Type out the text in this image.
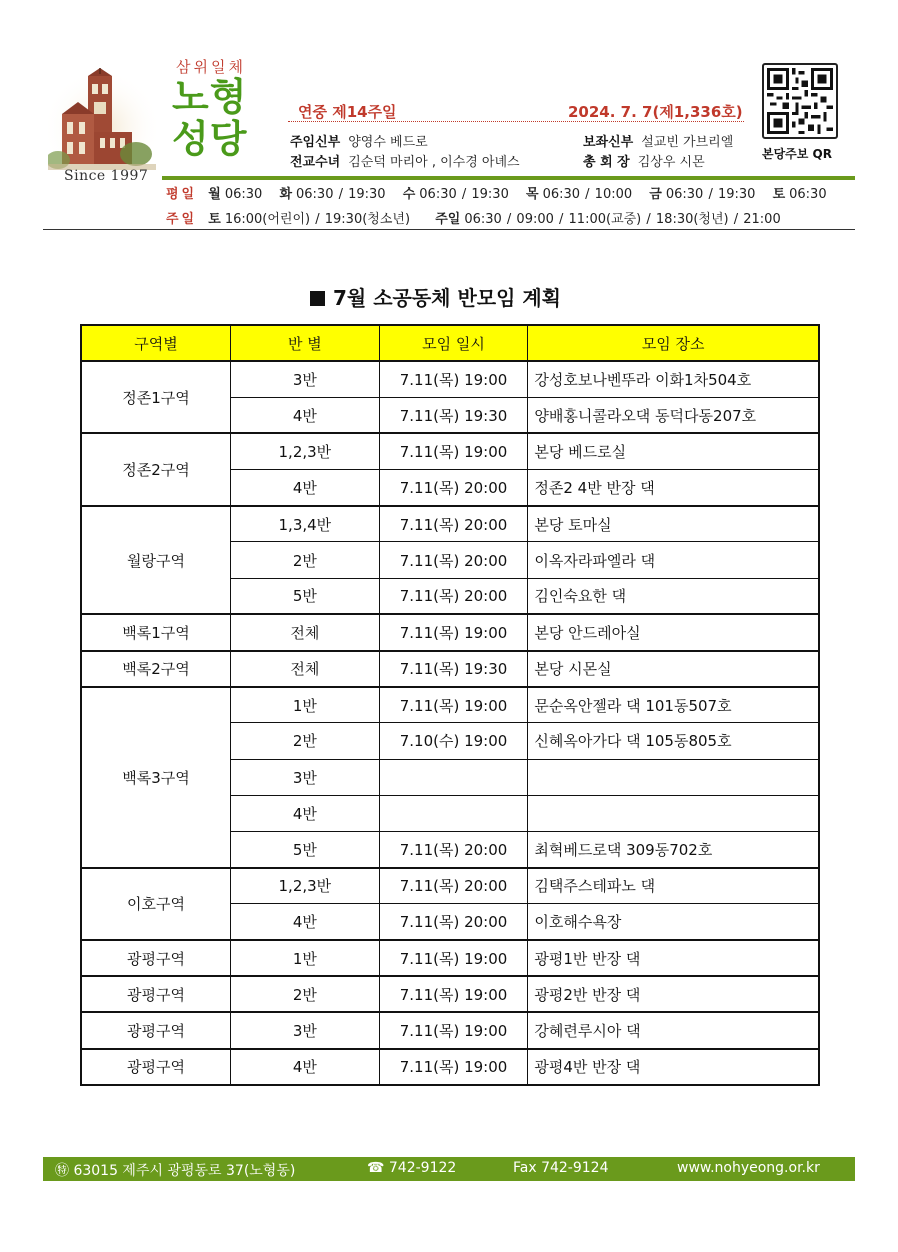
Since 1997
삼위일체
노형성당
연중 제14주일	2024. 7. 7(제1,336호)
주임신부 양영수 베드로	보좌신부 설교빈 가브리엘
전교수녀 김순덕 마리아 , 이수경 아녜스	총 회 장 김상우 시몬
본당주보 QR
평일 월 06:30 화 06:30 / 19:30 수 06:30 / 19:30 목 06:30 / 10:00 금 06:30 / 19:30 토 06:30
주일 토 16:00(어린이) / 19:30(청소년) 주일 06:30 / 09:00 / 11:00(교중) / 18:30(청년) / 21:00
7월 소공동체 반모임 계획
구역별	반 별	모임 일시	모임 장소
정존1구역	3반	7.11(목) 19:00	강성호보나벤뚜라 이화1차504호
	4반	7.11(목) 19:30	양배홍니콜라오댁 동덕다동207호
정존2구역	1,2,3반	7.11(목) 19:00	본당 베드로실
	4반	7.11(목) 20:00	정존2 4반 반장 댁
월랑구역	1,3,4반	7.11(목) 20:00	본당 토마실
	2반	7.11(목) 20:00	이옥자라파엘라 댁
	5반	7.11(목) 20:00	김인숙요한 댁
백록1구역	전체	7.11(목) 19:00	본당 안드레아실
백록2구역	전체	7.11(목) 19:30	본당 시몬실
백록3구역	1반	7.11(목) 19:00	문순옥안젤라 댁 101동507호
	2반	7.10(수) 19:00	신혜옥아가다 댁 105동805호
	3반		
	4반		
	5반	7.11(목) 20:00	최혁베드로댁 309동702호
이호구역	1,2,3반	7.11(목) 20:00	김택주스테파노 댁
	4반	7.11(목) 20:00	이호해수욕장
광평구역	1반	7.11(목) 19:00	광평1반 반장 댁
광평구역	2반	7.11(목) 19:00	광평2반 반장 댁
광평구역	3반	7.11(목) 19:00	강혜련루시아 댁
광평구역	4반	7.11(목) 19:00	광평4반 반장 댁
㊕ 63015 제주시 광평동로 37(노형동)	☎ 742-9122	Fax 742-9124	www.nohyeong.or.kr
